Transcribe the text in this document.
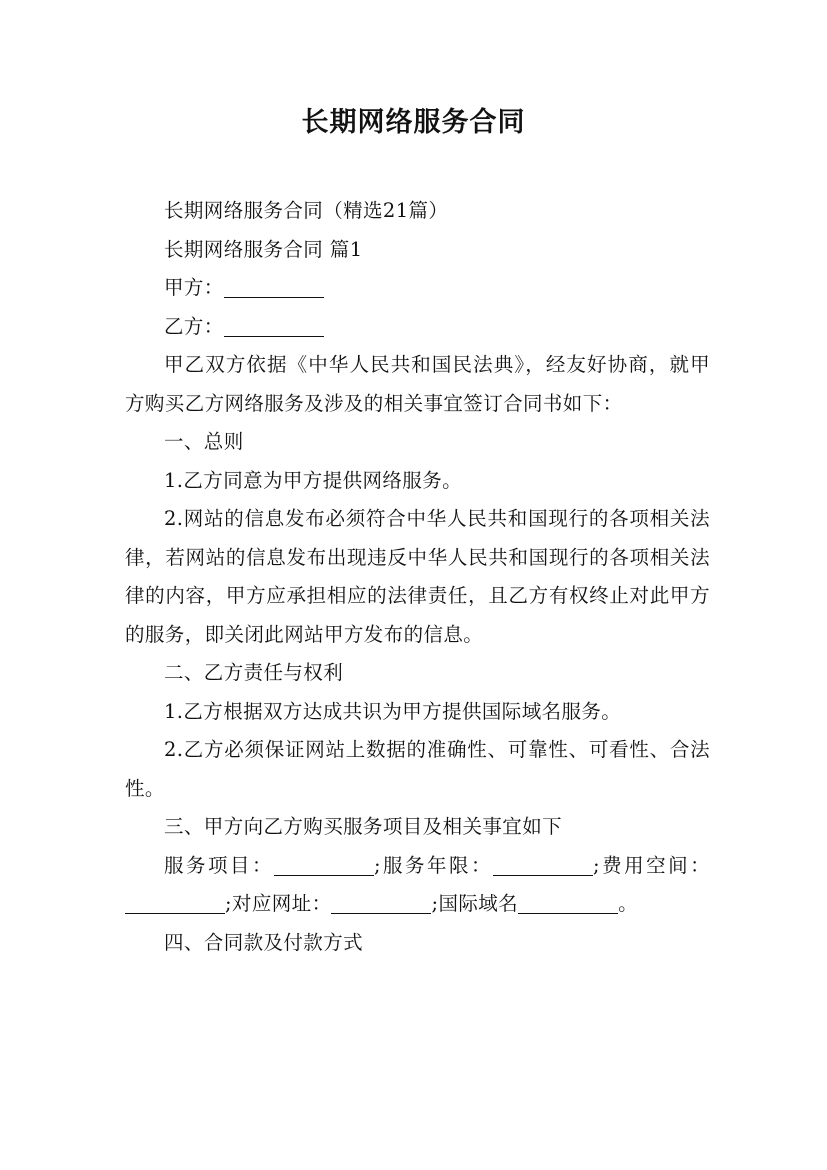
长期网络服务合同

长期网络服务合同（精选21篇）

长期网络服务合同 篇1

甲方：

乙方：

甲乙双方依据《中华人民共和国民法典》，经友好协商，就甲方购买乙方网络服务及涉及的相关事宜签订合同书如下：

一、总则

1.乙方同意为甲方提供网络服务。

2.网站的信息发布必须符合中华人民共和国现行的各项相关法律，若网站的信息发布出现违反中华人民共和国现行的各项相关法律的内容，甲方应承担相应的法律责任，且乙方有权终止对此甲方的服务，即关闭此网站甲方发布的信息。

二、乙方责任与权利

1.乙方根据双方达成共识为甲方提供国际域名服务。

2.乙方必须保证网站上数据的准确性、可靠性、可看性、合法性。

三、甲方向乙方购买服务项目及相关事宜如下

服务项目：	;服务年限：	;费用空间：;对应网址：	;国际域名	。

四、合同款及付款方式
